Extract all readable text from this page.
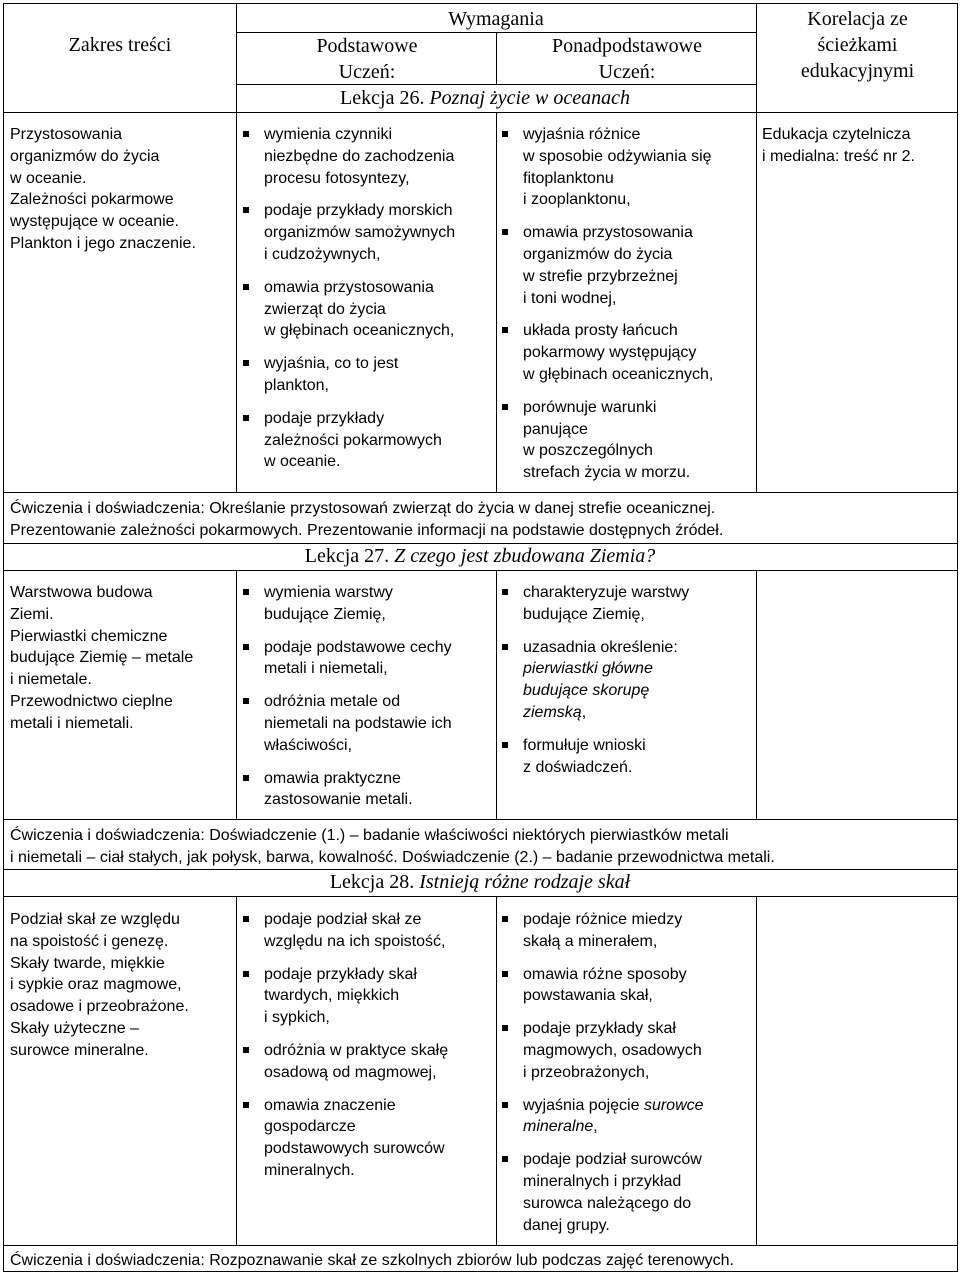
Zakres treści
Wymagania
Podstawowe
Uczeń:
Ponadpodstawowe
Uczeń:
Korelacja ze
ścieżkami
edukacyjnymi
Lekcja 26. Poznaj życie w oceanach
Lekcja 27. Z czego jest zbudowana Ziemia?
Lekcja 28. Istnieją różne rodzaje skał
Przystosowania
organizmów do życia
w oceanie.
Zależności pokarmowe
występujące w oceanie.
Plankton i jego znaczenie.
wymienia czynniki
niezbędne do zachodzenia
procesu fotosyntezy,
podaje przykłady morskich
organizmów samożywnych
i cudzożywnych,
omawia przystosowania
zwierząt do życia
w głębinach oceanicznych,
wyjaśnia, co to jest
plankton,
podaje przykłady
zależności pokarmowych
w oceanie.
wyjaśnia różnice
w sposobie odżywiania się
fitoplanktonu
i zooplanktonu,
omawia przystosowania
organizmów do życia
w strefie przybrzeżnej
i toni wodnej,
układa prosty łańcuch
pokarmowy występujący
w głębinach oceanicznych,
porównuje warunki
panujące
w poszczególnych
strefach życia w morzu.
Edukacja czytelnicza
i medialna: treść nr 2.
Ćwiczenia i doświadczenia: Określanie przystosowań zwierząt do życia w danej strefie oceanicznej.
Prezentowanie zależności pokarmowych. Prezentowanie informacji na podstawie dostępnych źródeł.
Warstwowa budowa
Ziemi.
Pierwiastki chemiczne
budujące Ziemię – metale
i niemetale.
Przewodnictwo cieplne
metali i niemetali.
wymienia warstwy
budujące Ziemię,
podaje podstawowe cechy
metali i niemetali,
odróżnia metale od
niemetali na podstawie ich
właściwości,
omawia praktyczne
zastosowanie metali.
charakteryzuje warstwy
budujące Ziemię,
uzasadnia określenie:
pierwiastki główne
budujące skorupę
ziemską,
formułuje wnioski
z doświadczeń.
Ćwiczenia i doświadczenia: Doświadczenie (1.) – badanie właściwości niektórych pierwiastków metali
i niemetali – ciał stałych, jak połysk, barwa, kowalność. Doświadczenie (2.) – badanie przewodnictwa metali.
Podział skał ze względu
na spoistość i genezę.
Skały twarde, miękkie
i sypkie oraz magmowe,
osadowe i przeobrażone.
Skały użyteczne –
surowce mineralne.
podaje podział skał ze
względu na ich spoistość,
podaje przykłady skał
twardych, miękkich
i sypkich,
odróżnia w praktyce skałę
osadową od magmowej,
omawia znaczenie
gospodarcze
podstawowych surowców
mineralnych.
podaje różnice miedzy
skałą a minerałem,
omawia różne sposoby
powstawania skał,
podaje przykłady skał
magmowych, osadowych
i przeobrażonych,
wyjaśnia pojęcie surowce
mineralne,
podaje podział surowców
mineralnych i przykład
surowca należącego do
danej grupy.
Ćwiczenia i doświadczenia: Rozpoznawanie skał ze szkolnych zbiorów lub podczas zajęć terenowych.
